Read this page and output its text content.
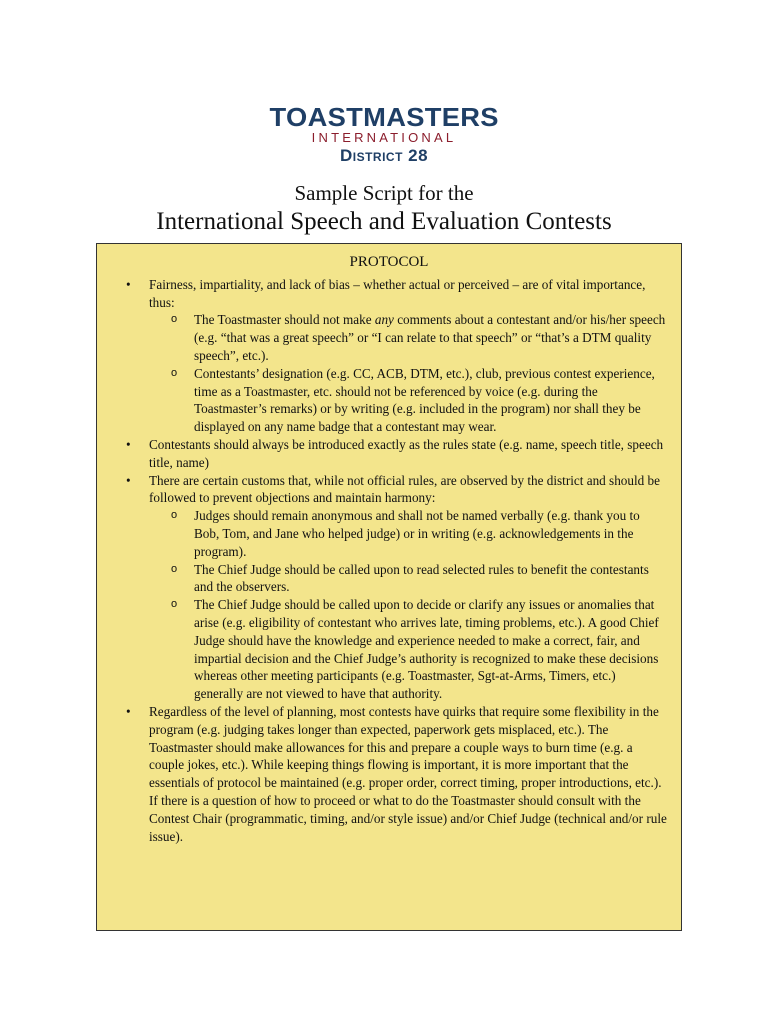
TOASTMASTERS
INTERNATIONAL
District 28
Sample Script for the
International Speech and Evaluation Contests
PROTOCOL
• Fairness, impartiality, and lack of bias – whether actual or perceived – are of vital importance, thus:
o The Toastmaster should not make any comments about a contestant and/or his/her speech (e.g. “that was a great speech” or “I can relate to that speech” or “that’s a DTM quality speech”, etc.).
o Contestants’ designation (e.g. CC, ACB, DTM, etc.), club, previous contest experience, time as a Toastmaster, etc. should not be referenced by voice (e.g. during the Toastmaster’s remarks) or by writing (e.g. included in the program) nor shall they be displayed on any name badge that a contestant may wear.
• Contestants should always be introduced exactly as the rules state (e.g. name, speech title, speech title, name)
• There are certain customs that, while not official rules, are observed by the district and should be followed to prevent objections and maintain harmony:
o Judges should remain anonymous and shall not be named verbally (e.g. thank you to Bob, Tom, and Jane who helped judge) or in writing (e.g. acknowledgements in the program).
o The Chief Judge should be called upon to read selected rules to benefit the contestants and the observers.
o The Chief Judge should be called upon to decide or clarify any issues or anomalies that arise (e.g. eligibility of contestant who arrives late, timing problems, etc.). A good Chief Judge should have the knowledge and experience needed to make a correct, fair, and impartial decision and the Chief Judge’s authority is recognized to make these decisions whereas other meeting participants (e.g. Toastmaster, Sgt-at-Arms, Timers, etc.) generally are not viewed to have that authority.
• Regardless of the level of planning, most contests have quirks that require some flexibility in the program (e.g. judging takes longer than expected, paperwork gets misplaced, etc.). The Toastmaster should make allowances for this and prepare a couple ways to burn time (e.g. a couple jokes, etc.). While keeping things flowing is important, it is more important that the essentials of protocol be maintained (e.g. proper order, correct timing, proper introductions, etc.). If there is a question of how to proceed or what to do the Toastmaster should consult with the Contest Chair (programmatic, timing, and/or style issue) and/or Chief Judge (technical and/or rule issue).
